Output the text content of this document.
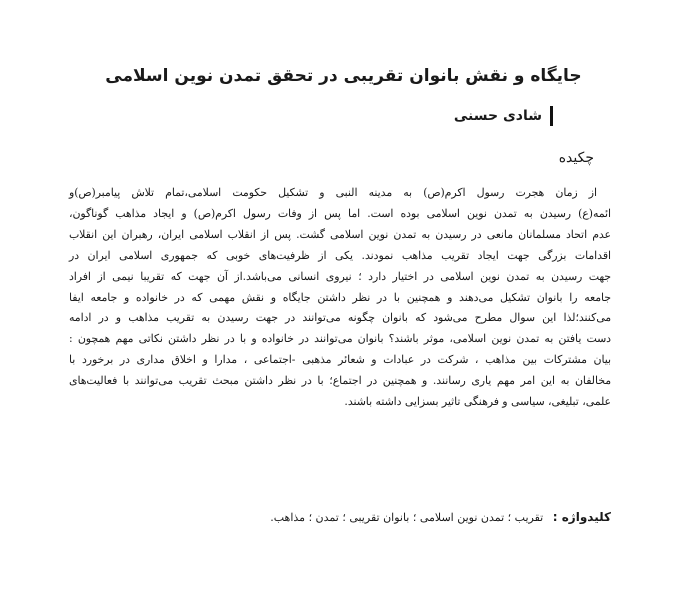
جایگاه و نقش بانوان تقریبی در تحقق تمدن نوین اسلامی
شادی حسنی
چکیده
از زمان هجرت رسول اکرم(ص) به مدینه النبی و تشکیل حکومت اسلامی،تمام تلاش پیامبر(ص)و
ائمه(ع) رسیدن به تمدن نوین اسلامی بوده است. اما پس از وفات رسول اکرم(ص) و ایجاد مذاهب گوناگون،
عدم اتحاد مسلمانان مانعی در رسیدن به تمدن نوین اسلامی گشت. پس از انقلاب اسلامی ایران، رهبران این انقلاب
اقدامات بزرگی جهت ایجاد تقریب مذاهب نمودند. یکی از ظرفیت‌های خوبی که جمهوری اسلامی ایران در
جهت رسیدن به تمدن نوین اسلامی در اختیار دارد ؛ نیروی انسانی می‌باشد.از آن جهت که تقریبا نیمی از افراد
جامعه را بانوان تشکیل می‌دهند و همچنین با در نظر داشتن جایگاه و نقش مهمی که در خانواده و جامعه ایفا
می‌کنند؛لذا این سوال مطرح می‌شود که بانوان چگونه می‌توانند در جهت رسیدن به تقریب مذاهب و در ادامه
دست یافتن به تمدن نوین اسلامی، موثر باشند؟ بانوان می‌توانند در خانواده و با در نظر داشتن نکاتی مهم همچون :
بیان مشترکات بین مذاهب ، شرکت در عبادات و شعائر مذهبی -اجتماعی ، مدارا و اخلاق مداری در برخورد با
مخالفان به این امر مهم یاری رسانند. و همچنین در اجتماع؛ با در نظر داشتن مبحث تقریب می‌توانند با فعالیت‌های
علمی، تبلیغی، سیاسی و فرهنگی تاثیر بسزایی داشته باشند.
کلیدواژه : تقریب ؛ تمدن نوین اسلامی ؛ بانوان تقریبی ؛ تمدن ؛ مذاهب.
